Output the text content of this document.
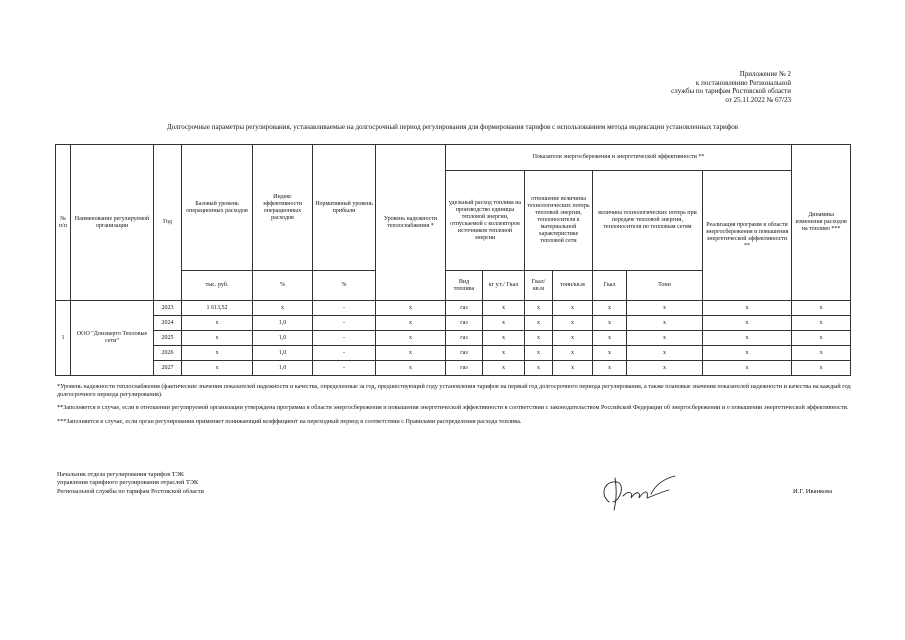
Приложение № 2
к постановлению Региональной
службы по тарифам Ростовской области
от 25.11.2022 № 67/23
Долгосрочные параметры регулирования, устанавливаемые на долгосрочный период регулирования для формирования тарифов с использованием метода индексации установленных тарифов
№ п/п	Наименование регулируемой организации	Год	Базовый уровень операционных расходов	Индекс эффективности операционных расходов	Нормативный уровень прибыли	Уровень надежности теплоснабжения *	Показатели энергосбережения и энергетической эффективности **							Динамика изменения расходов на топливо ***
							удельный расход топлива на производство единицы тепловой энергии, отпускаемой с коллекторов источников тепловой энергии		отношение величины технологических потерь тепловой энергии, теплоносителя к материальной характеристике тепловой сети		величина технологических потерь при передаче тепловой энергии, теплоносителя по тепловым сетям		Реализация программ в области энергосбережения и повышения энергетической эффективности **	
			тыс. руб.	%	%		Вид топлива	кг у.т./ Гкал	Гкал/ кв.м	тонн/кв.м	Гкал	Тонн		
1	ООО "Донэнерго Тепловые сети"	2023	1 613,52	х	-	х	газ	х	х	х	х	х	х	х
		2024	х	1,0	-	х	газ	х	х	х	х	х	х	х
		2025	х	1,0	-	х	газ	х	х	х	х	х	х	х
		2026	х	1,0	-	х	газ	х	х	х	х	х	х	х
		2027	х	1,0	-	х	газ	х	х	х	х	х	х	х

*Уровень надежности теплоснабжения (фактические значения показателей надежности и качества, определенные за год, предшествующий году установления тарифов на первый год долгосрочного периода регулирования, а также плановые значения показателей надежности и качества на каждый год долгосрочного периода регулирования).

**Заполняется в случае, если в отношении регулируемой организации утверждена программа в области энергосбережения и повышения энергетической эффективности в соответствии с законодательством Российской Федерации об энергосбережении и о повышении энергетической эффективности.

***Заполняется в случае, если орган регулирования применяет понижающий коэффициент на переходный период в соответствии с Правилами распределения расхода топлива.

Начальник отдела регулирования тарифов ТЭК
управления тарифного регулирования отраслей ТЭК
Региональной службы по тарифам Ростовской области	И.Г. Иванкова
